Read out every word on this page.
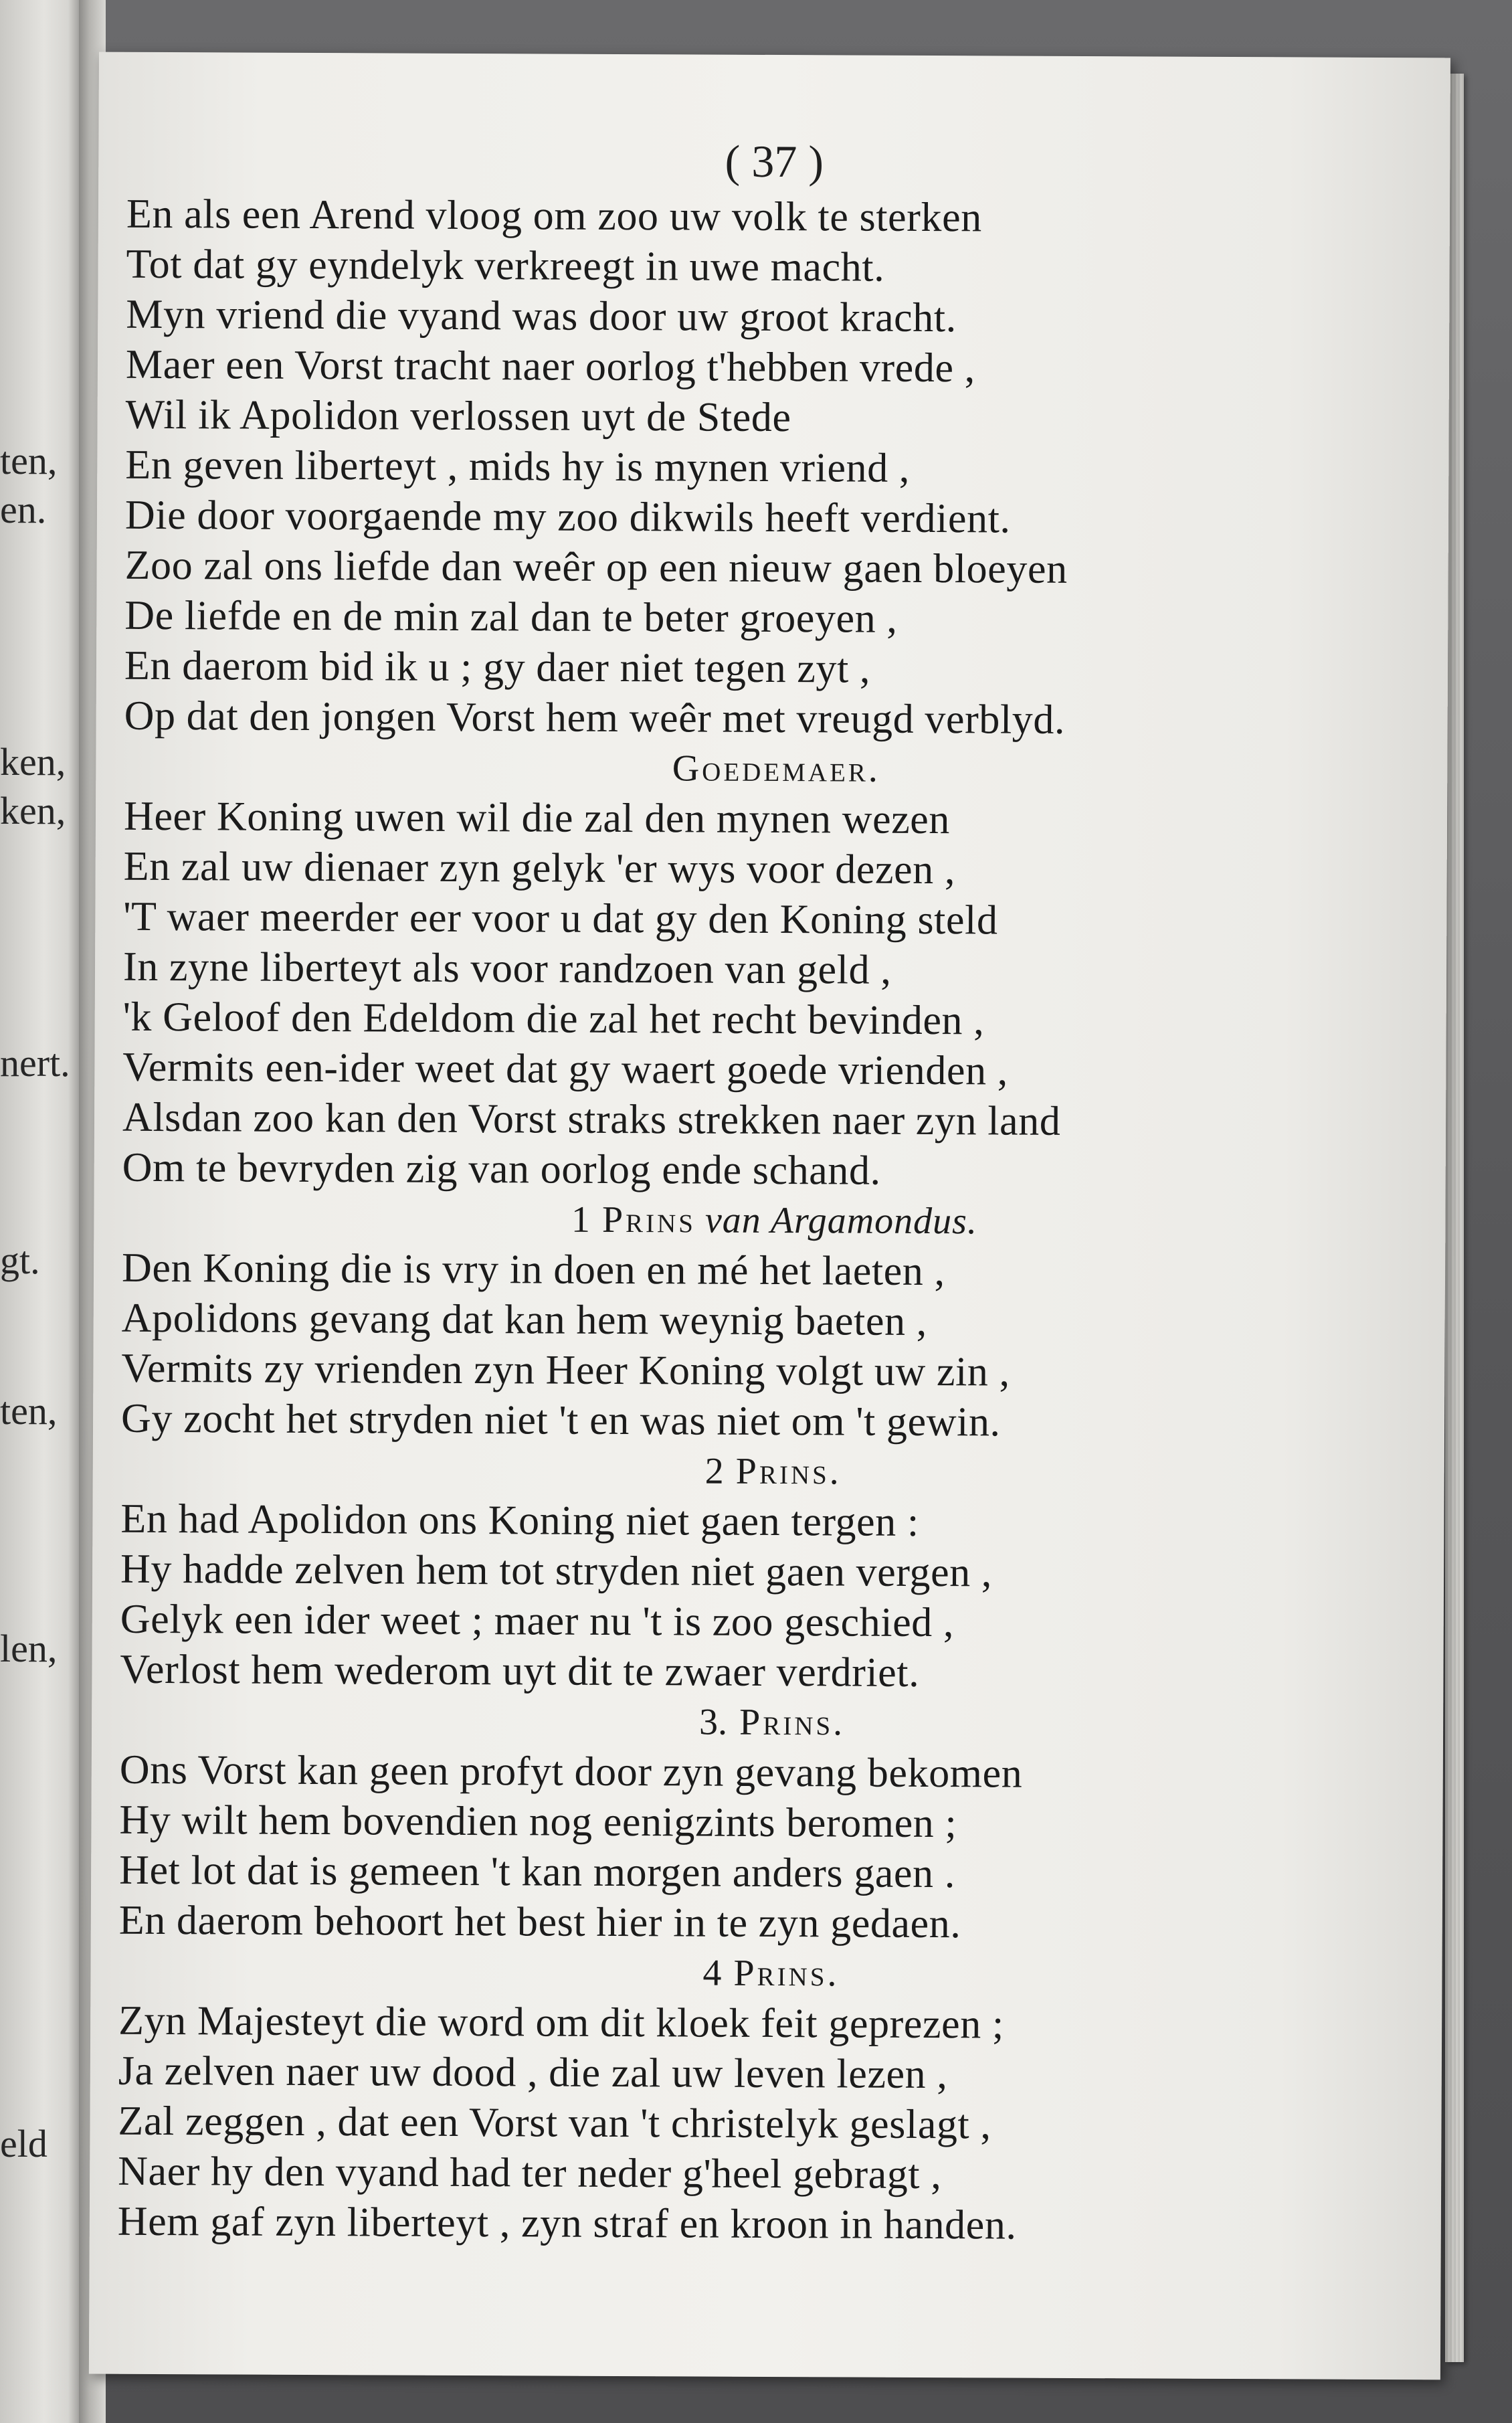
ten,
en.
ken,
ken,
nert.
gt.
ten,
len,
eld
( 37 )
En als een Arend vloog om zoo uw volk te sterken
Tot dat gy eyndelyk verkreegt in uwe macht.
Myn vriend die vyand was door uw groot kracht.
Maer een Vorst tracht naer oorlog t'hebben vrede ,
Wil ik Apolidon verlossen uyt de Stede
En geven liberteyt , mids hy is mynen vriend ,
Die door voorgaende my zoo dikwils heeft verdient.
Zoo zal ons liefde dan weêr op een nieuw gaen bloeyen
De liefde en de min zal dan te beter groeyen ,
En daerom bid ik u ; gy daer niet tegen zyt ,
Op dat den jongen Vorst hem weêr met vreugd verblyd.
Goedemaer.
Heer Koning uwen wil die zal den mynen wezen
En zal uw dienaer zyn gelyk 'er wys voor dezen ,
'T waer meerder eer voor u dat gy den Koning steld
In zyne liberteyt als voor randzoen van geld ,
'k Geloof den Edeldom die zal het recht bevinden ,
Vermits een-ider weet dat gy waert goede vrienden ,
Alsdan zoo kan den Vorst straks strekken naer zyn land
Om te bevryden zig van oorlog ende schand.
1 Prins van Argamondus.
Den Koning die is vry in doen en mé het laeten ,
Apolidons gevang dat kan hem weynig baeten ,
Vermits zy vrienden zyn Heer Koning volgt uw zin ,
Gy zocht het stryden niet 't en was niet om 't gewin.
2 Prins.
En had Apolidon ons Koning niet gaen tergen :
Hy hadde zelven hem tot stryden niet gaen vergen ,
Gelyk een ider weet ; maer nu 't is zoo geschied ,
Verlost hem wederom uyt dit te zwaer verdriet.
3. Prins.
Ons Vorst kan geen profyt door zyn gevang bekomen
Hy wilt hem bovendien nog eenigzints beromen ;
Het lot dat is gemeen 't kan morgen anders gaen .
En daerom behoort het best hier in te zyn gedaen.
4 Prins.
Zyn Majesteyt die word om dit kloek feit geprezen ;
Ja zelven naer uw dood , die zal uw leven lezen ,
Zal zeggen , dat een Vorst van 't christelyk geslagt ,
Naer hy den vyand had ter neder g'heel gebragt ,
Hem gaf zyn liberteyt , zyn straf en kroon in handen.
